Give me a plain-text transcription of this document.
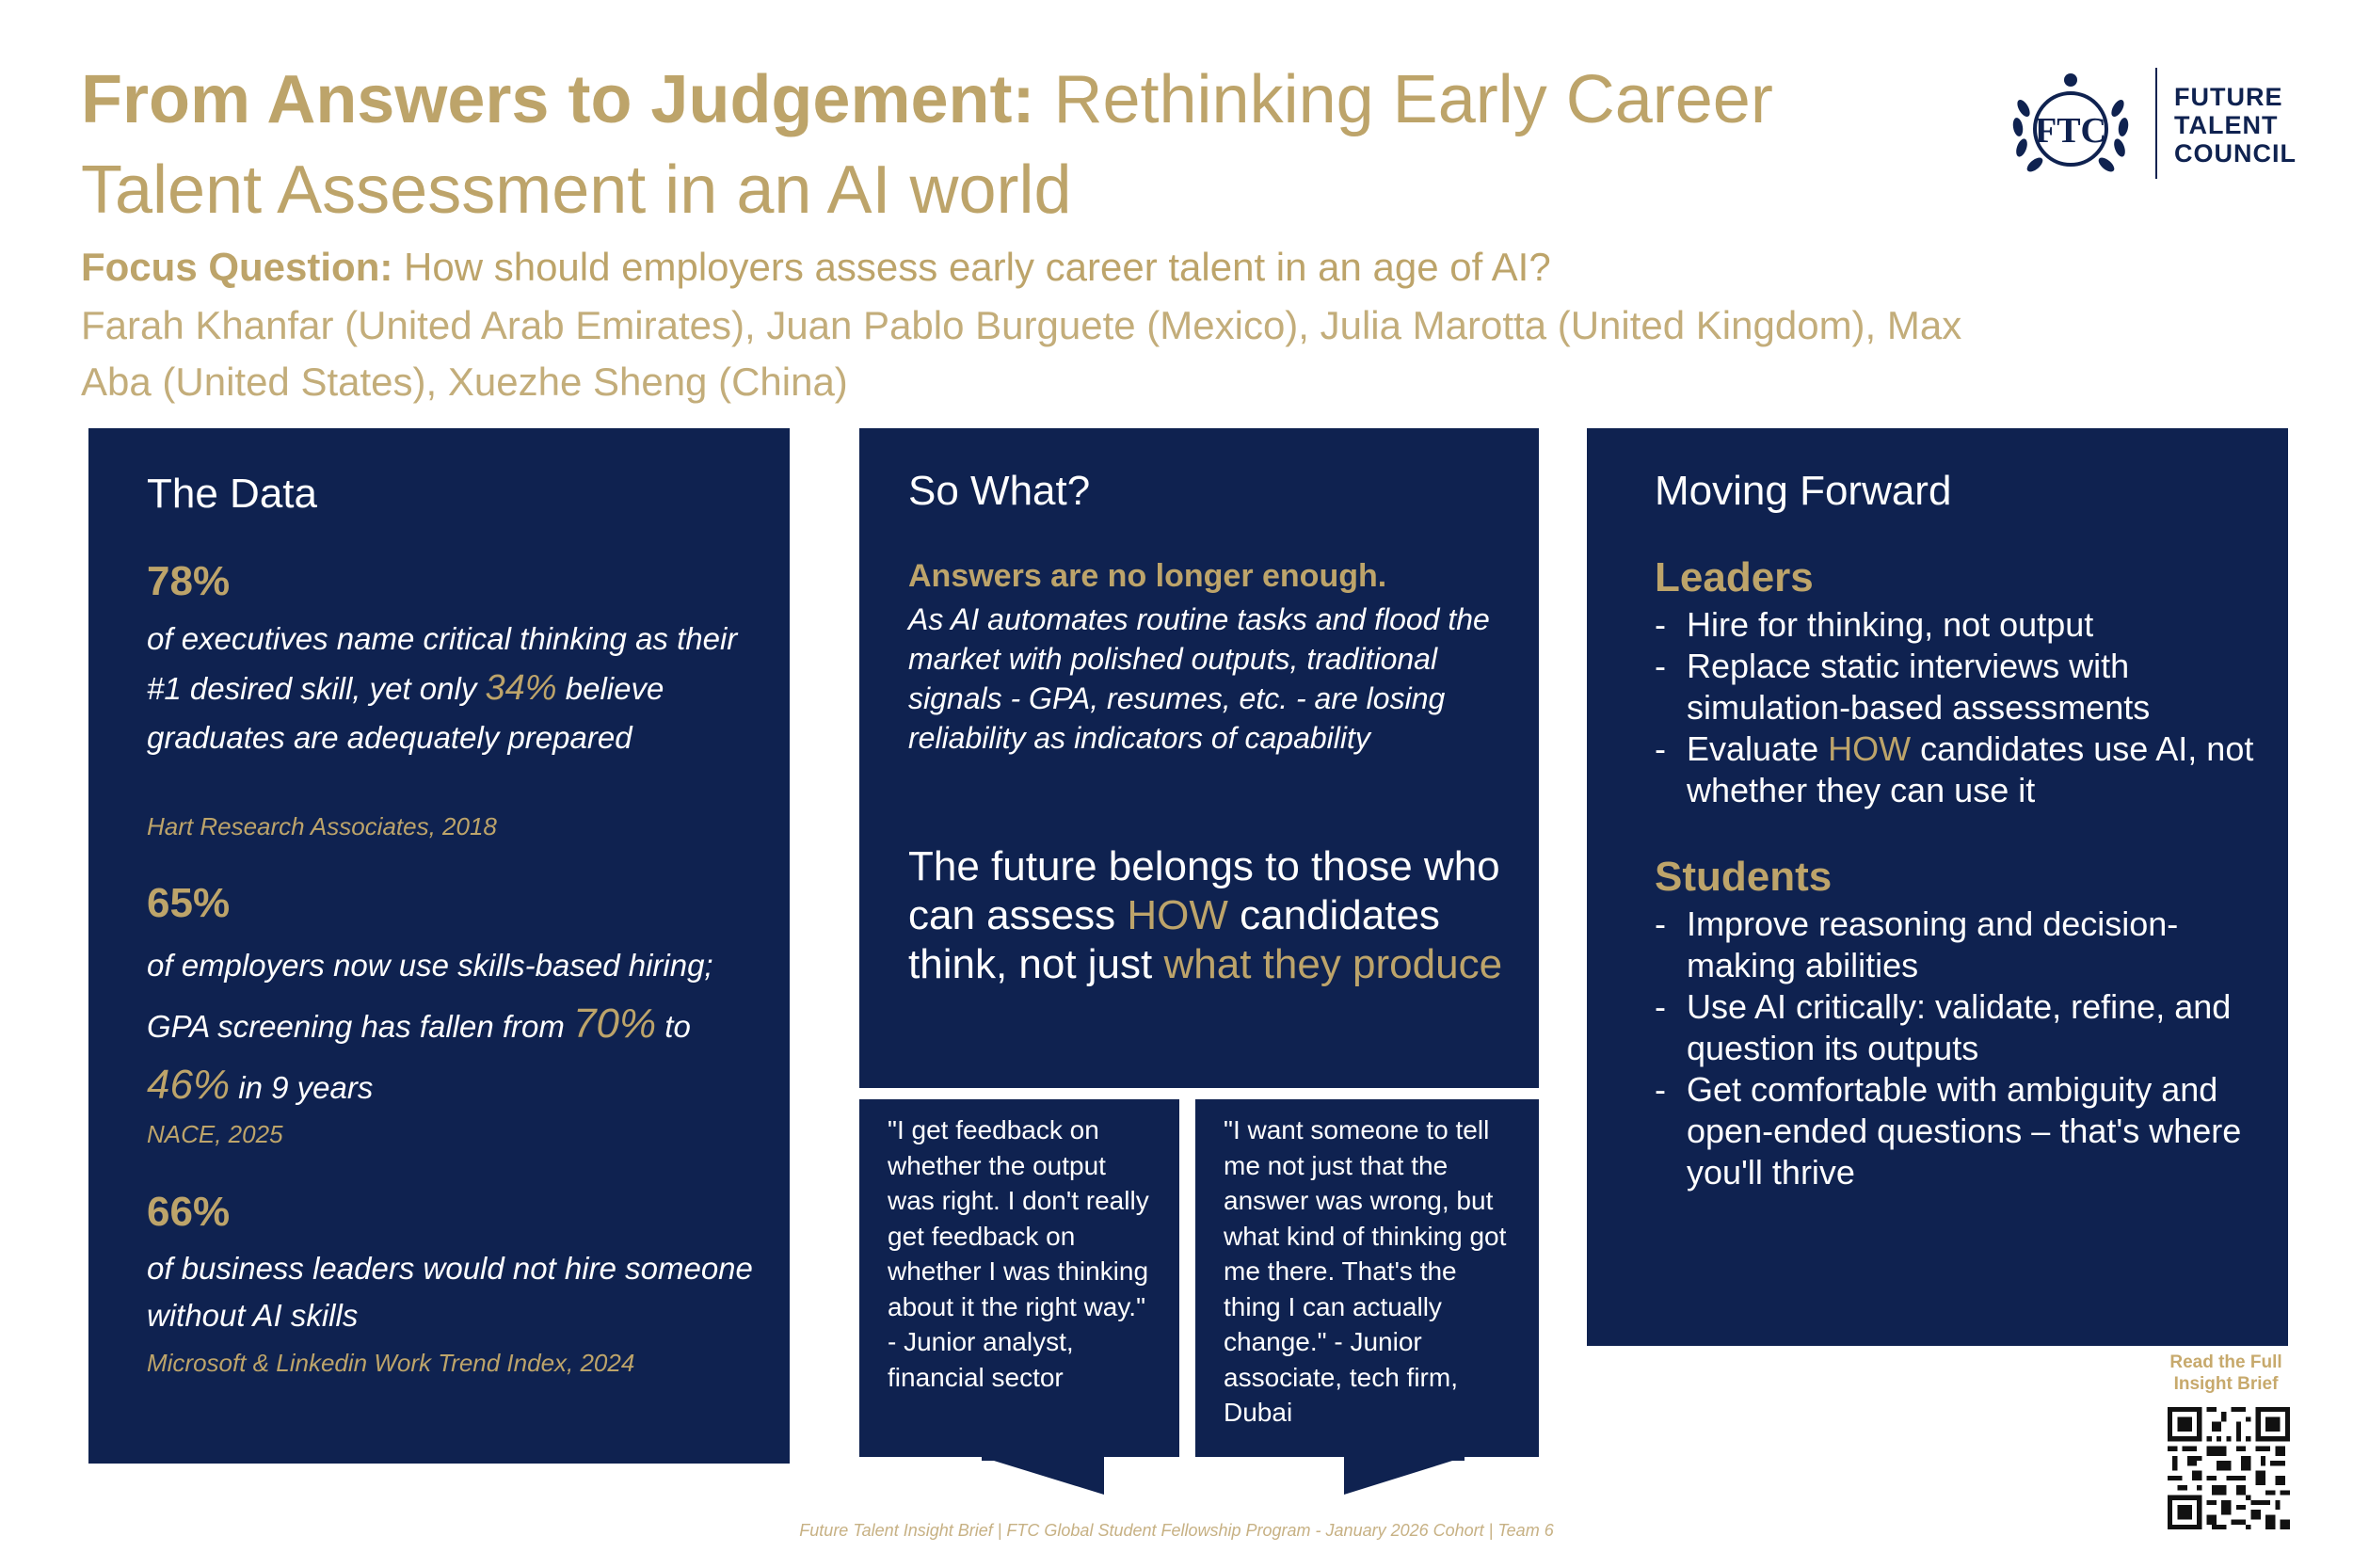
From Answers to Judgement: Rethinking Early Career Talent Assessment in an AI world
Focus Question: How should employers assess early career talent in an age of AI?
Farah Khanfar (United Arab Emirates), Juan Pablo Burguete (Mexico), Julia Marotta (United Kingdom), Max Aba (United States), Xuezhe Sheng (China)
FTC
FUTURE
TALENT
COUNCIL
The Data
78%
of executives name critical thinking as their #1 desired skill, yet only 34% believe graduates are adequately prepared
Hart Research Associates, 2018
65%
of employers now use skills-based hiring; GPA screening has fallen from 70% to 46% in 9 years
NACE, 2025
66%
of business leaders would not hire someone without AI skills
Microsoft & Linkedin Work Trend Index, 2024
So What?
Answers are no longer enough.
As AI automates routine tasks and flood the market with polished outputs, traditional signals - GPA, resumes, etc. - are losing reliability as indicators of capability
The future belongs to those who can assess HOW candidates think, not just what they produce
"I get feedback on whether the output was right. I don't really get feedback on whether I was thinking about it the right way." - Junior analyst, financial sector
"I want someone to tell me not just that the answer was wrong, but what kind of thinking got me there. That's the thing I can actually change." - Junior associate, tech firm, Dubai
Moving Forward
Leaders
- Hire for thinking, not output
- Replace static interviews with simulation-based assessments
- Evaluate HOW candidates use AI, not whether they can use it
Students
- Improve reasoning and decision-making abilities
- Use AI critically: validate, refine, and question its outputs
- Get comfortable with ambiguity and open-ended questions – that's where you'll thrive
Read the Full Insight Brief
Future Talent Insight Brief | FTC Global Student Fellowship Program - January 2026 Cohort | Team 6
